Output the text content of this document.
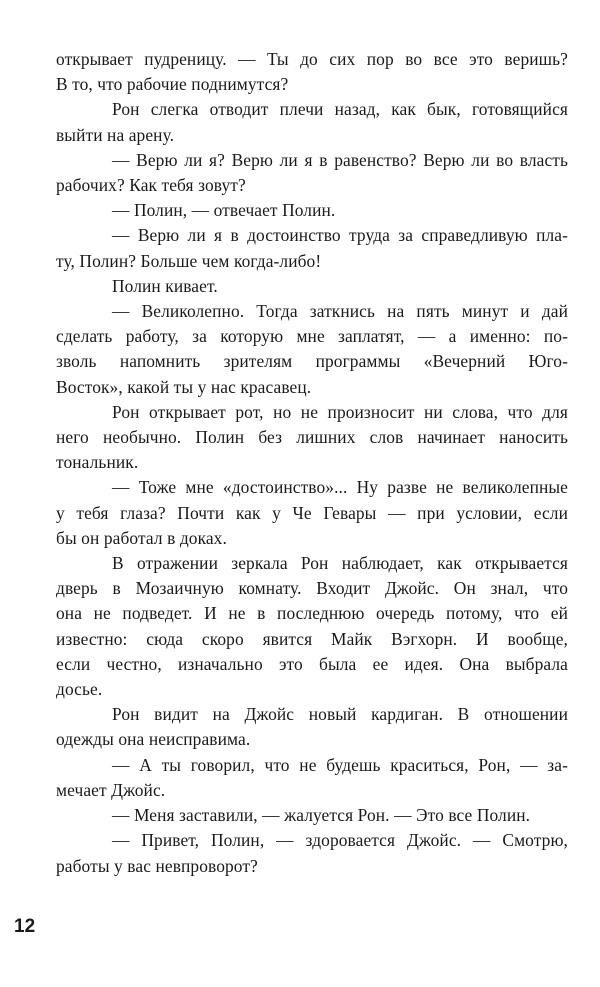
открывает пудреницу. — Ты до сих пор во все это веришь?
В то, что рабочие поднимутся?
Рон слегка отводит плечи назад, как бык, готовящийся
выйти на арену.
— Верю ли я? Верю ли я в равенство? Верю ли во власть
рабочих? Как тебя зовут?
— Полин, — отвечает Полин.
— Верю ли я в достоинство труда за справедливую пла-
ту, Полин? Больше чем когда-либо!
Полин кивает.
— Великолепно. Тогда заткнись на пять минут и дай
сделать работу, за которую мне заплатят, — а именно: по-
зволь напомнить зрителям программы «Вечерний Юго-
Восток», какой ты у нас красавец.
Рон открывает рот, но не произносит ни слова, что для
него необычно. Полин без лишних слов начинает наносить
тональник.
— Тоже мне «достоинство»... Ну разве не великолепные
у тебя глаза? Почти как у Че Гевары — при условии, если
бы он работал в доках.
В отражении зеркала Рон наблюдает, как открывается
дверь в Мозаичную комнату. Входит Джойс. Он знал, что
она не подведет. И не в последнюю очередь потому, что ей
известно: сюда скоро явится Майк Вэгхорн. И вообще,
если честно, изначально это была ее идея. Она выбрала
досье.
Рон видит на Джойс новый кардиган. В отношении
одежды она неисправима.
— А ты говорил, что не будешь краситься, Рон, — за-
мечает Джойс.
— Меня заставили, — жалуется Рон. — Это все Полин.
— Привет, Полин, — здоровается Джойс. — Смотрю,
работы у вас невпроворот?
12
